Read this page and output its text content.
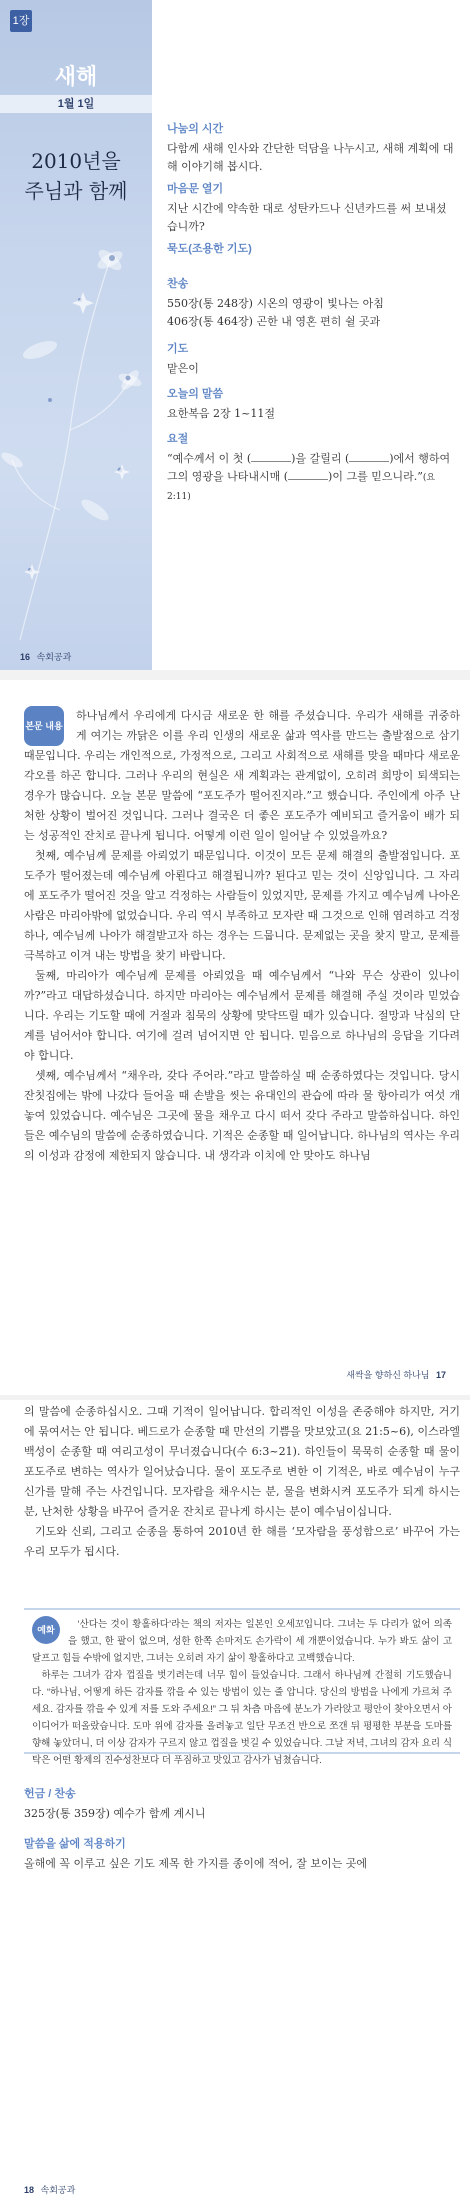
1장
새해
1월 1일
2010년을
주님과 함께
16 속회공과
나눔의 시간
다함께 새해 인사와 간단한 덕담을 나누시고, 새해 계획에 대해 이야기해 봅시다.
마음문 열기
지난 시간에 약속한 대로 성탄카드나 신년카드를 써 보내셨습니까?
묵도(조용한 기도)
찬송
550장(통 248장) 시온의 영광이 빛나는 아침
406장(통 464장) 곤한 내 영혼 편히 쉴 곳과
기도
맡은이
오늘의 말씀
요한복음 2장 1~11절
요절
“예수께서 이 첫 (	)을 갈릴리 (	)에서 행하여 그의 영광을 나타내시매 (	)이 그를 믿으니라.”(요 2:11)

하나님께서 우리에게 다시금 새로운 한 해를 주셨습니다. 우리가 새해를 귀중하게 여기는 까닭은 이를 우리 인생의 새로운 삶과 역사를 만드는 출발점으로 삼기 때문입니다. 우리는 개인적으로, 가정적으로, 그리고 사회적으로 새해를 맞을 때마다 새로운 각오를 하곤 합니다. 그러나 우리의 현실은 새 계획과는 관계없이, 오히려 희망이 퇴색되는 경우가 많습니다. 오늘 본문 말씀에 “포도주가 떨어진지라.”고 했습니다. 주인에게 아주 난처한 상황이 벌어진 것입니다. 그러나 결국은 더 좋은 포도주가 예비되고 즐거움이 배가 되는 성공적인 잔치로 끝나게 됩니다. 어떻게 이런 일이 일어날 수 있었을까요?

첫째, 예수님께 문제를 아뢰었기 때문입니다. 이것이 모든 문제 해결의 출발점입니다. 포도주가 떨어졌는데 예수님께 아뢴다고 해결됩니까? 된다고 믿는 것이 신앙입니다. 그 자리에 포도주가 떨어진 것을 알고 걱정하는 사람들이 있었지만, 문제를 가지고 예수님께 나아온 사람은 마리아밖에 없었습니다. 우리 역시 부족하고 모자란 때 그것으로 인해 염려하고 걱정하나, 예수님께 나아가 해결받고자 하는 경우는 드뭅니다. 문제없는 곳을 찾지 말고, 문제를 극복하고 이겨 내는 방법을 찾기 바랍니다.

둘째, 마리아가 예수님께 문제를 아뢰었을 때 예수님께서 “나와 무슨 상관이 있나이까?”라고 대답하셨습니다. 하지만 마리아는 예수님께서 문제를 해결해 주실 것이라 믿었습니다. 우리는 기도할 때에 거절과 침묵의 상황에 맞닥뜨릴 때가 있습니다. 절망과 낙심의 단계를 넘어서야 합니다. 여기에 걸려 넘어지면 안 됩니다. 믿음으로 하나님의 응답을 기다려야 합니다.

셋째, 예수님께서 “채우라, 갖다 주어라.”라고 말씀하실 때 순종하였다는 것입니다. 당시 잔칫집에는 밖에 나갔다 들어올 때 손발을 씻는 유대인의 관습에 따라 물 항아리가 여섯 개 놓여 있었습니다. 예수님은 그곳에 물을 채우고 다시 떠서 갖다 주라고 말씀하십니다. 하인들은 예수님의 말씀에 순종하였습니다. 기적은 순종할 때 일어납니다. 하나님의 역사는 우리의 이성과 감정에 제한되지 않습니다. 내 생각과 이치에 안 맞아도 하나님

본문 내용
새싹을 향하신 하나님 17

의 말씀에 순종하십시오. 그때 기적이 일어납니다. 합리적인 이성을 존중해야 하지만, 거기에 묶여서는 안 됩니다. 베드로가 순종할 때 만선의 기쁨을 맛보았고(요 21:5~6), 이스라엘 백성이 순종할 때 여리고성이 무너졌습니다(수 6:3~21). 하인들이 묵묵히 순종할 때 물이 포도주로 변하는 역사가 일어났습니다. 물이 포도주로 변한 이 기적은, 바로 예수님이 누구신가를 말해 주는 사건입니다. 모자람을 채우시는 분, 물을 변화시켜 포도주가 되게 하시는 분, 난처한 상황을 바꾸어 즐거운 잔치로 끝나게 하시는 분이 예수님이십니다.

기도와 신뢰, 그리고 순종을 통하여 2010년 한 해를 ‘모자람을 풍성함으로’ 바꾸어 가는 우리 모두가 됩시다.

‘산다는 것이 황홀하다’라는 책의 저자는 일본인 오세꼬입니다. 그녀는 두 다리가 없어 의족을 했고, 한 팔이 없으며, 성한 한쪽 손마저도 손가락이 세 개뿐이었습니다. 누가 봐도 삶이 고달프고 힘들 수밖에 없지만, 그녀는 오히려 자기 삶이 황홀하다고 고백했습니다.

하루는 그녀가 감자 껍질을 벗기려는데 너무 힘이 들었습니다. 그래서 하나님께 간절히 기도했습니다. “하나님, 어떻게 하든 감자를 깎을 수 있는 방법이 있는 줄 압니다. 당신의 방법을 나에게 가르쳐 주세요. 감자를 깎을 수 있게 저를 도와 주세요!” 그 뒤 차츰 마음에 분노가 가라앉고 평안이 찾아오면서 아이디어가 떠올랐습니다. 도마 위에 감자를 올려놓고 일단 무조건 반으로 쪼갠 뒤 평평한 부분을 도마를 향해 놓았더니, 더 이상 감자가 구르지 않고 껍질을 벗길 수 있었습니다. 그날 저녁, 그녀의 감자 요리 식탁은 어떤 황제의 진수성찬보다 더 푸짐하고 맛있고 감사가 넘쳤습니다.

예화
헌금 / 찬송
325장(통 359장) 예수가 함께 계시니
말씀을 삶에 적용하기
올해에 꼭 이루고 싶은 기도 제목 한 가지를 종이에 적어, 잘 보이는 곳에
18 속회공과
